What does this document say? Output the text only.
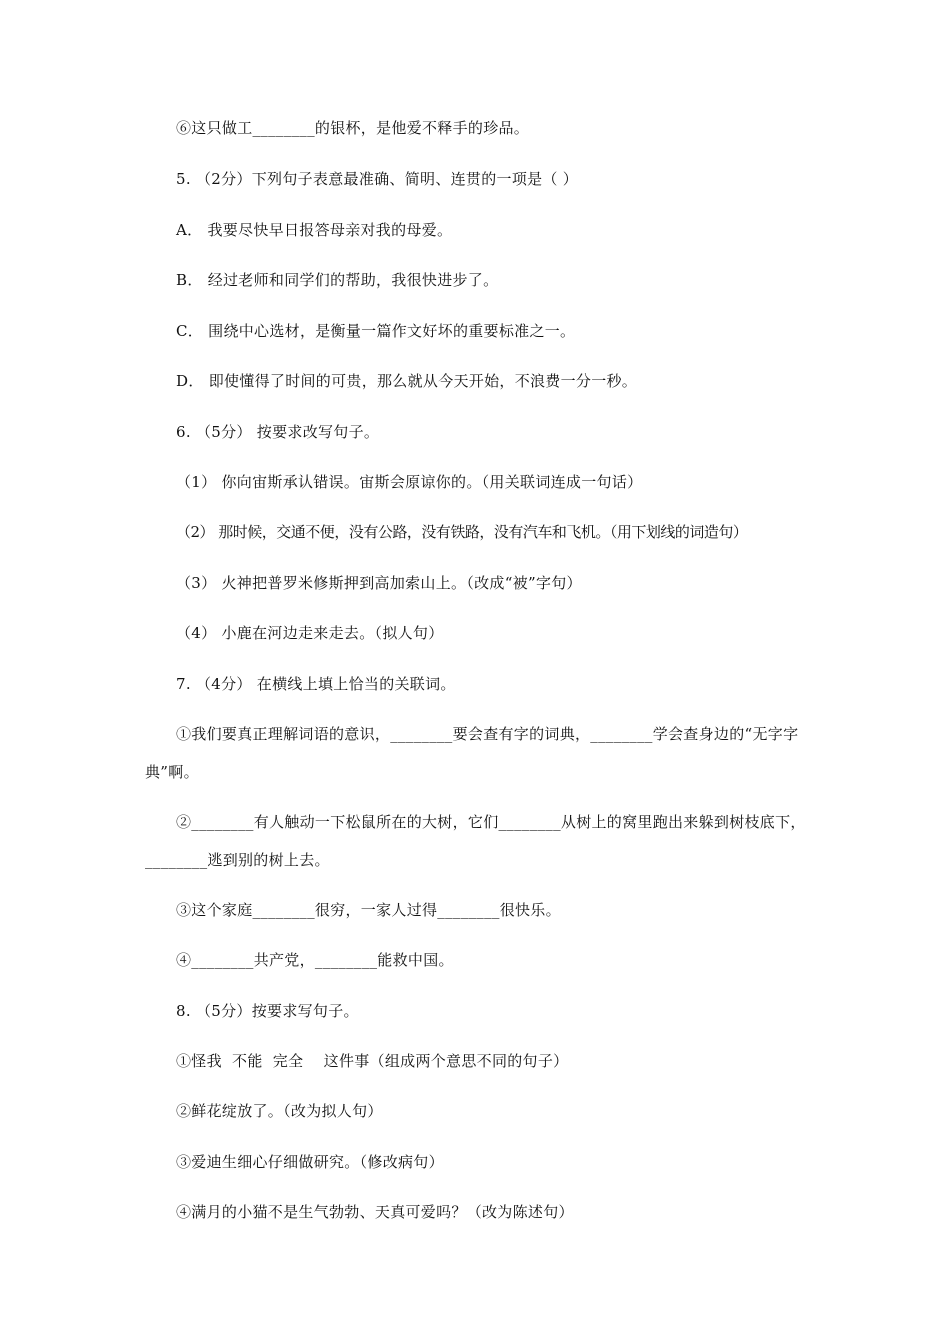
⑥这只做工________的银杯，是他爱不释手的珍品。
5. （2分）下列句子表意最准确、简明、连贯的一项是（ ）
A． 我要尽快早日报答母亲对我的母爱。
B． 经过老师和同学们的帮助，我很快进步了。
C． 围绕中心选材，是衡量一篇作文好坏的重要标准之一。
D． 即使懂得了时间的可贵，那么就从今天开始，不浪费一分一秒。
6. （5分） 按要求改写句子。
（1） 你向宙斯承认错误。宙斯会原谅你的。（用关联词连成一句话）
（2） 那时候，交通不便，没有公路，没有铁路，没有汽车和飞机。（用下划线的词造句）
（3） 火神把普罗米修斯押到高加索山上。（改成“被”字句）
（4） 小鹿在河边走来走去。（拟人句）
7. （4分） 在横线上填上恰当的关联词。
①我们要真正理解词语的意识，________要会查有字的词典，________学会查身边的“无字字典”啊。
②________有人触动一下松鼠所在的大树，它们________从树上的窝里跑出来躲到树枝底下，________逃到别的树上去。
③这个家庭________很穷，一家人过得________很快乐。
④________共产党，________能救中国。
8. （5分）按要求写句子。
①怪我  不能  完全    这件事（组成两个意思不同的句子）
②鲜花绽放了。（改为拟人句）
③爱迪生细心仔细做研究。（修改病句）
④满月的小猫不是生气勃勃、天真可爱吗？（改为陈述句）
